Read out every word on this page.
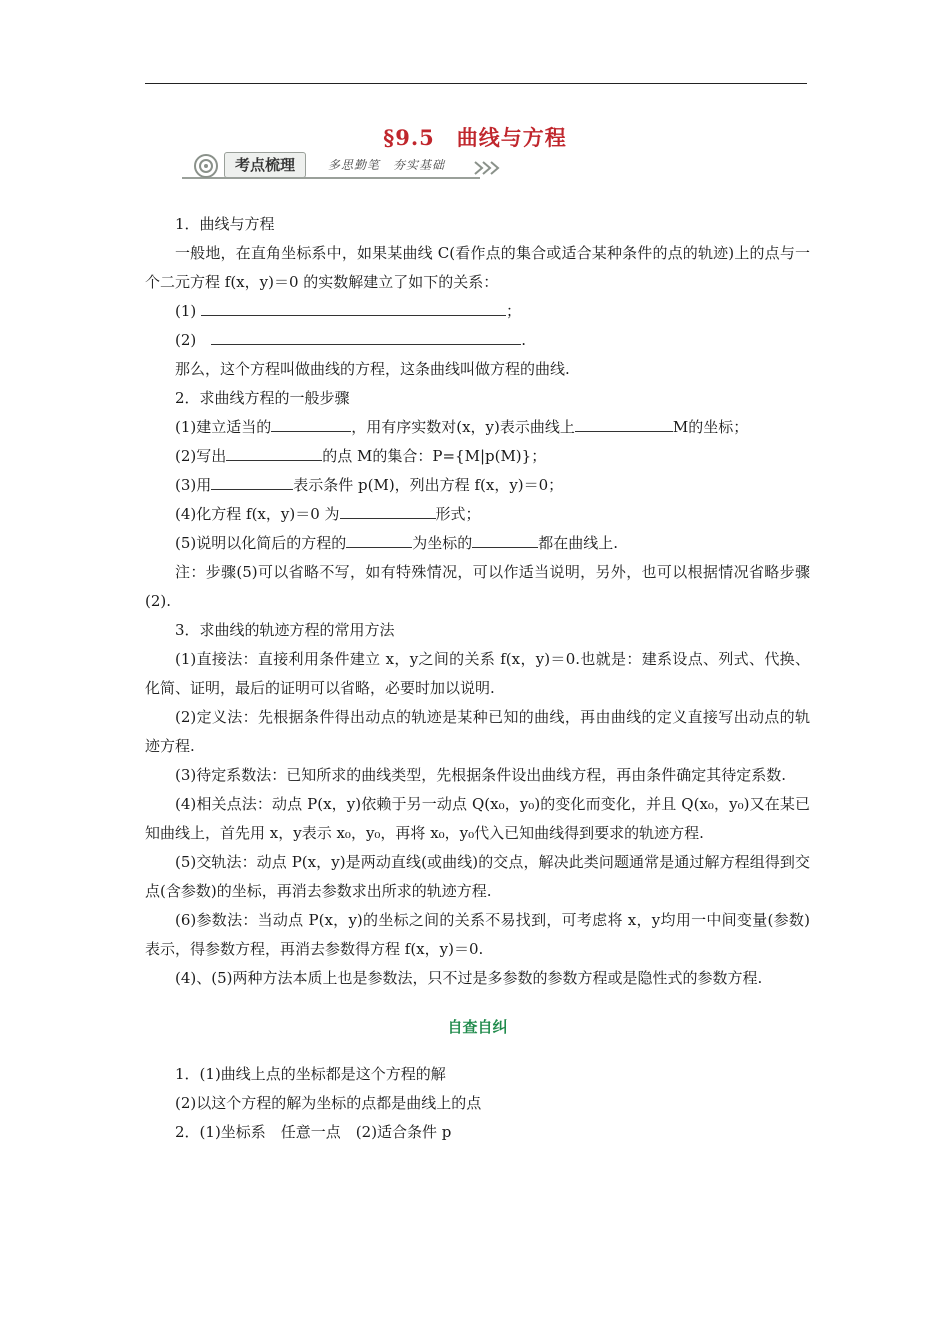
§9.5　曲线与方程
考点梳理	多思勤笔　夯实基础

1．曲线与方程

一般地，在直角坐标系中，如果某曲线 C(看作点的集合或适合某种条件的点的轨迹)上的点与一个二元方程 f(x，y)＝0 的实数解建立了如下的关系：

(1)	；

(2)　	.

那么，这个方程叫做曲线的方程，这条曲线叫做方程的曲线.

2．求曲线方程的一般步骤

(1)建立适当的	，用有序实数对(x，y)表示曲线上	M的坐标；

(2)写出	的点 M的集合：P={M|p(M)}；

(3)用	表示条件 p(M)，列出方程 f(x，y)＝0；

(4)化方程 f(x，y)＝0 为	形式；

(5)说明以化简后的方程的	为坐标的	都在曲线上.

注：步骤(5)可以省略不写，如有特殊情况，可以作适当说明，另外，也可以根据情况省略步骤(2).

3．求曲线的轨迹方程的常用方法

(1)直接法：直接利用条件建立 x，y之间的关系 f(x，y)＝0.也就是：建系设点、列式、代换、化简、证明，最后的证明可以省略，必要时加以说明.

(2)定义法：先根据条件得出动点的轨迹是某种已知的曲线，再由曲线的定义直接写出动点的轨迹方程.

(3)待定系数法：已知所求的曲线类型，先根据条件设出曲线方程，再由条件确定其待定系数.

(4)相关点法：动点 P(x，y)依赖于另一动点 Q(x₀，y₀)的变化而变化，并且 Q(x₀，y₀)又在某已知曲线上，首先用 x，y表示 x₀，y₀，再将 x₀，y₀代入已知曲线得到要求的轨迹方程.

(5)交轨法：动点 P(x，y)是两动直线(或曲线)的交点，解决此类问题通常是通过解方程组得到交点(含参数)的坐标，再消去参数求出所求的轨迹方程.

(6)参数法：当动点 P(x，y)的坐标之间的关系不易找到，可考虑将 x，y均用一中间变量(参数)表示，得参数方程，再消去参数得方程 f(x，y)＝0.

(4)、(5)两种方法本质上也是参数法，只不过是多参数的参数方程或是隐性式的参数方程.

自查自纠

1．(1)曲线上点的坐标都是这个方程的解

(2)以这个方程的解为坐标的点都是曲线上的点

2．(1)坐标系　任意一点　(2)适合条件 p
